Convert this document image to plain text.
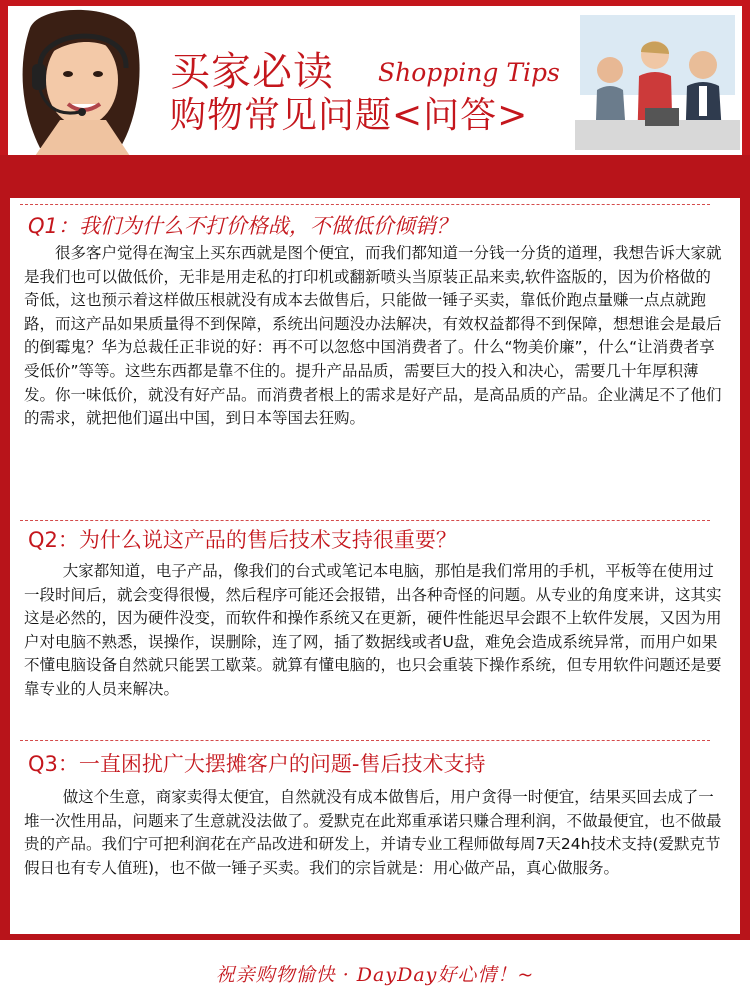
买家必读 Shopping Tips
购物常见问题<问答>
Q1：我们为什么不打价格战，不做低价倾销？
很多客户觉得在淘宝上买东西就是图个便宜，而我们都知道一分钱一分货的道理，我想告诉大家就是我们也可以做低价，无非是用走私的打印机或翻新喷头当原装正品来卖,软件盗版的，因为价格做的奇低，这也预示着这样做压根就没有成本去做售后，只能做一锤子买卖，靠低价跑点量赚一点点就跑路，而这产品如果质量得不到保障，系统出问题没办法解决，有效权益都得不到保障，想想谁会是最后的倒霉鬼？华为总裁任正非说的好：再不可以忽悠中国消费者了。什么“物美价廉”，什么“让消费者享受低价”等等。这些东西都是靠不住的。提升产品品质，需要巨大的投入和决心，需要几十年厚积薄发。你一味低价，就没有好产品。而消费者根上的需求是好产品，是高品质的产品。企业满足不了他们的需求，就把他们逼出中国，到日本等国去狂购。
Q2：为什么说这产品的售后技术支持很重要？
大家都知道，电子产品，像我们的台式或笔记本电脑，那怕是我们常用的手机，平板等在使用过一段时间后，就会变得很慢，然后程序可能还会报错，出各种奇怪的问题。从专业的角度来讲，这其实这是必然的，因为硬件没变，而软件和操作系统又在更新，硬件性能迟早会跟不上软件发展，又因为用户对电脑不熟悉，误操作，误删除，连了网，插了数据线或者U盘，难免会造成系统异常，而用户如果不懂电脑设备自然就只能罢工歇菜。就算有懂电脑的，也只会重装下操作系统，但专用软件问题还是要靠专业的人员来解决。
Q3：一直困扰广大摆摊客户的问题-售后技术支持
做这个生意，商家卖得太便宜，自然就没有成本做售后，用户贪得一时便宜，结果买回去成了一堆一次性用品，问题来了生意就没法做了。爱默克在此郑重承诺只赚合理利润，不做最便宜，也不做最贵的产品。我们宁可把利润花在产品改进和研发上，并请专业工程师做每周7天24h技术支持(爱默克节假日也有专人值班)，也不做一锤子买卖。我们的宗旨就是：用心做产品，真心做服务。
祝亲购物愉快 · DayDay好心情！~
